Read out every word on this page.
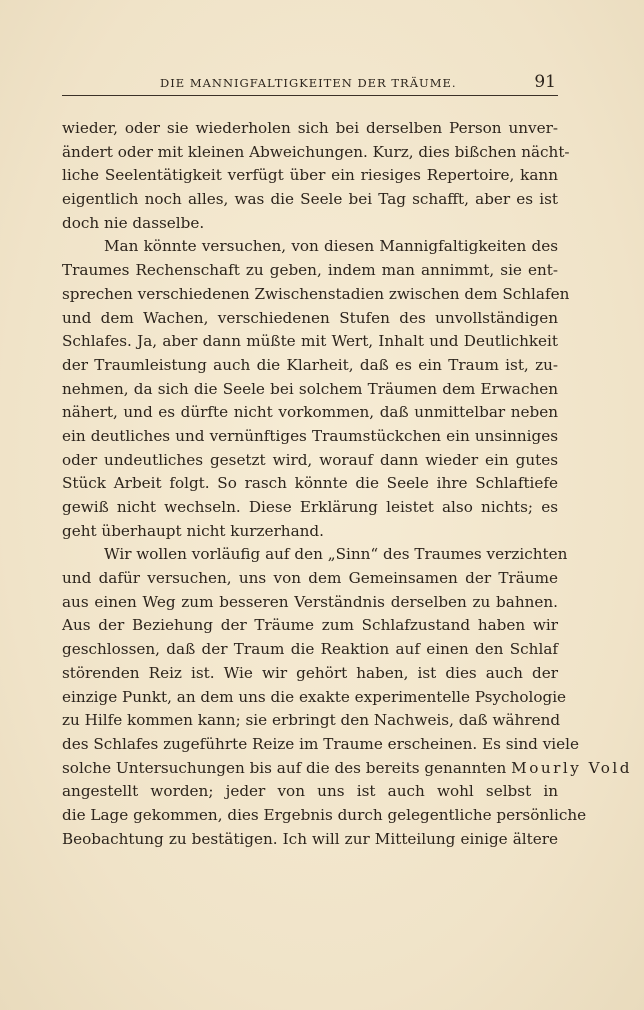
DIE MANNIGFALTIGKEITEN DER TRÄUME.	91
wieder, oder sie wiederholen sich bei derselben Person unver-
ändert oder mit kleinen Abweichungen. Kurz, dies bißchen nächt-
liche Seelentätigkeit verfügt über ein riesiges Repertoire, kann
eigentlich noch alles, was die Seele bei Tag schafft, aber es ist
doch nie dasselbe.
Man könnte versuchen, von diesen Mannigfaltigkeiten des
Traumes Rechenschaft zu geben, indem man annimmt, sie ent-
sprechen verschiedenen Zwischenstadien zwischen dem Schlafen
und dem Wachen, verschiedenen Stufen des unvollständigen
Schlafes. Ja, aber dann müßte mit Wert, Inhalt und Deutlichkeit
der Traumleistung auch die Klarheit, daß es ein Traum ist, zu-
nehmen, da sich die Seele bei solchem Träumen dem Erwachen
nähert, und es dürfte nicht vorkommen, daß unmittelbar neben
ein deutliches und vernünftiges Traumstückchen ein unsinniges
oder undeutliches gesetzt wird, worauf dann wieder ein gutes
Stück Arbeit folgt. So rasch könnte die Seele ihre Schlaftiefe
gewiß nicht wechseln. Diese Erklärung leistet also nichts; es
geht überhaupt nicht kurzerhand.
Wir wollen vorläufig auf den „Sinn“ des Traumes verzichten
und dafür versuchen, uns von dem Gemeinsamen der Träume
aus einen Weg zum besseren Verständnis derselben zu bahnen.
Aus der Beziehung der Träume zum Schlafzustand haben wir
geschlossen, daß der Traum die Reaktion auf einen den Schlaf
störenden Reiz ist. Wie wir gehört haben, ist dies auch der
einzige Punkt, an dem uns die exakte experimentelle Psychologie
zu Hilfe kommen kann; sie erbringt den Nachweis, daß während
des Schlafes zugeführte Reize im Traume erscheinen. Es sind viele
solche Untersuchungen bis auf die des bereits genannten Mourly Vold
angestellt worden; jeder von uns ist auch wohl selbst in
die Lage gekommen, dies Ergebnis durch gelegentliche persönliche
Beobachtung zu bestätigen. Ich will zur Mitteilung einige ältere
